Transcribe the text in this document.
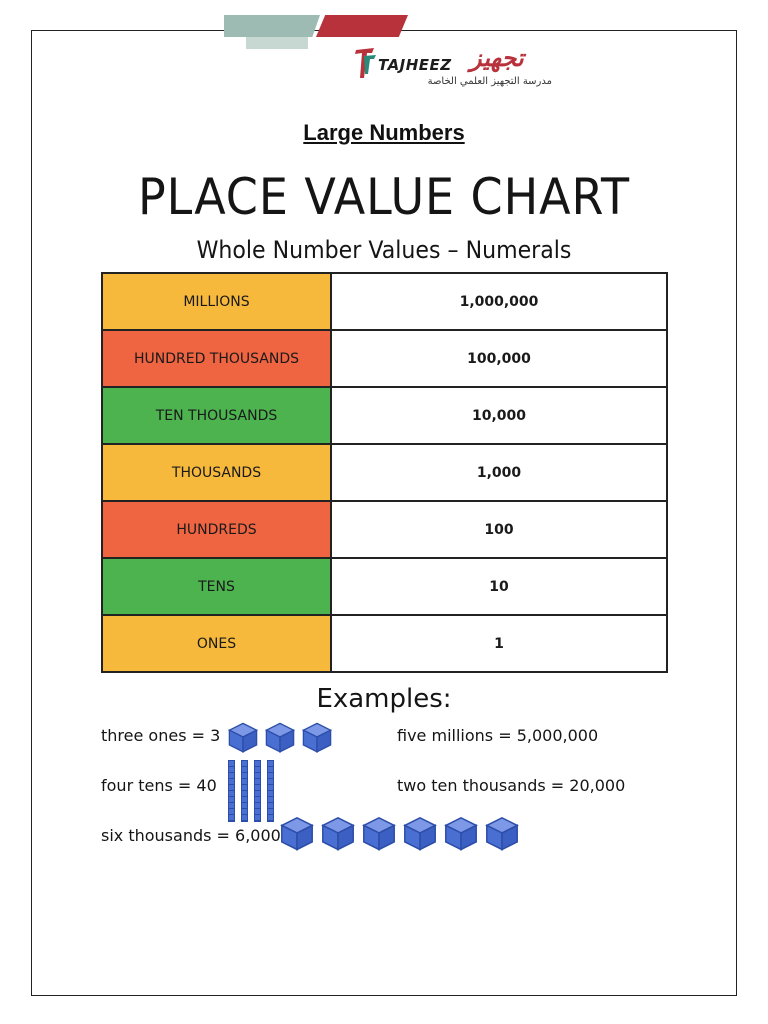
TAJHEEZ تجهيز
مدرسة التجهيز العلمي الخاصة
Large Numbers
PLACE VALUE CHART
Whole Number Values – Numerals
MILLIONS	1,000,000
HUNDRED THOUSANDS	100,000
TEN THOUSANDS	10,000
THOUSANDS	1,000
HUNDREDS	100
TENS	10
ONES	1
Examples:
three ones = 3	five millions = 5,000,000
four tens = 40	two ten thousands = 20,000
six thousands = 6,000
